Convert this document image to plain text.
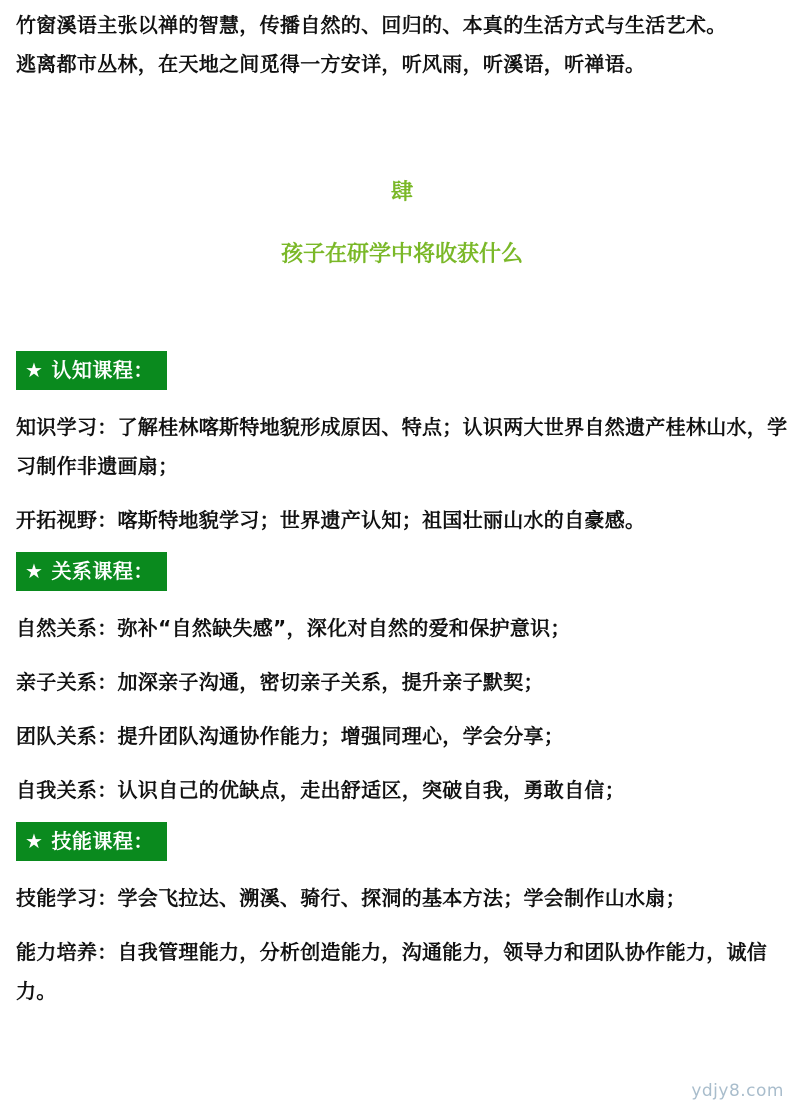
竹窗溪语主张以禅的智慧，传播自然的、回归的、本真的生活方式与生活艺术。

逃离都市丛林，在天地之间觅得一方安详，听风雨，听溪语，听禅语。

肆

孩子在研学中将收获什么

★ 认知课程：

知识学习：了解桂林喀斯特地貌形成原因、特点；认识两大世界自然遗产桂林山水，学习制作非遗画扇；

开拓视野：喀斯特地貌学习；世界遗产认知；祖国壮丽山水的自豪感。

★ 关系课程：

自然关系：弥补“自然缺失感”，深化对自然的爱和保护意识；

亲子关系：加深亲子沟通，密切亲子关系，提升亲子默契；

团队关系：提升团队沟通协作能力；增强同理心，学会分享；

自我关系：认识自己的优缺点，走出舒适区，突破自我，勇敢自信；

★ 技能课程：

技能学习：学会飞拉达、溯溪、骑行、探洞的基本方法；学会制作山水扇；

能力培养：自我管理能力，分析创造能力，沟通能力，领导力和团队协作能力，诚信力。

ydjy8.com
